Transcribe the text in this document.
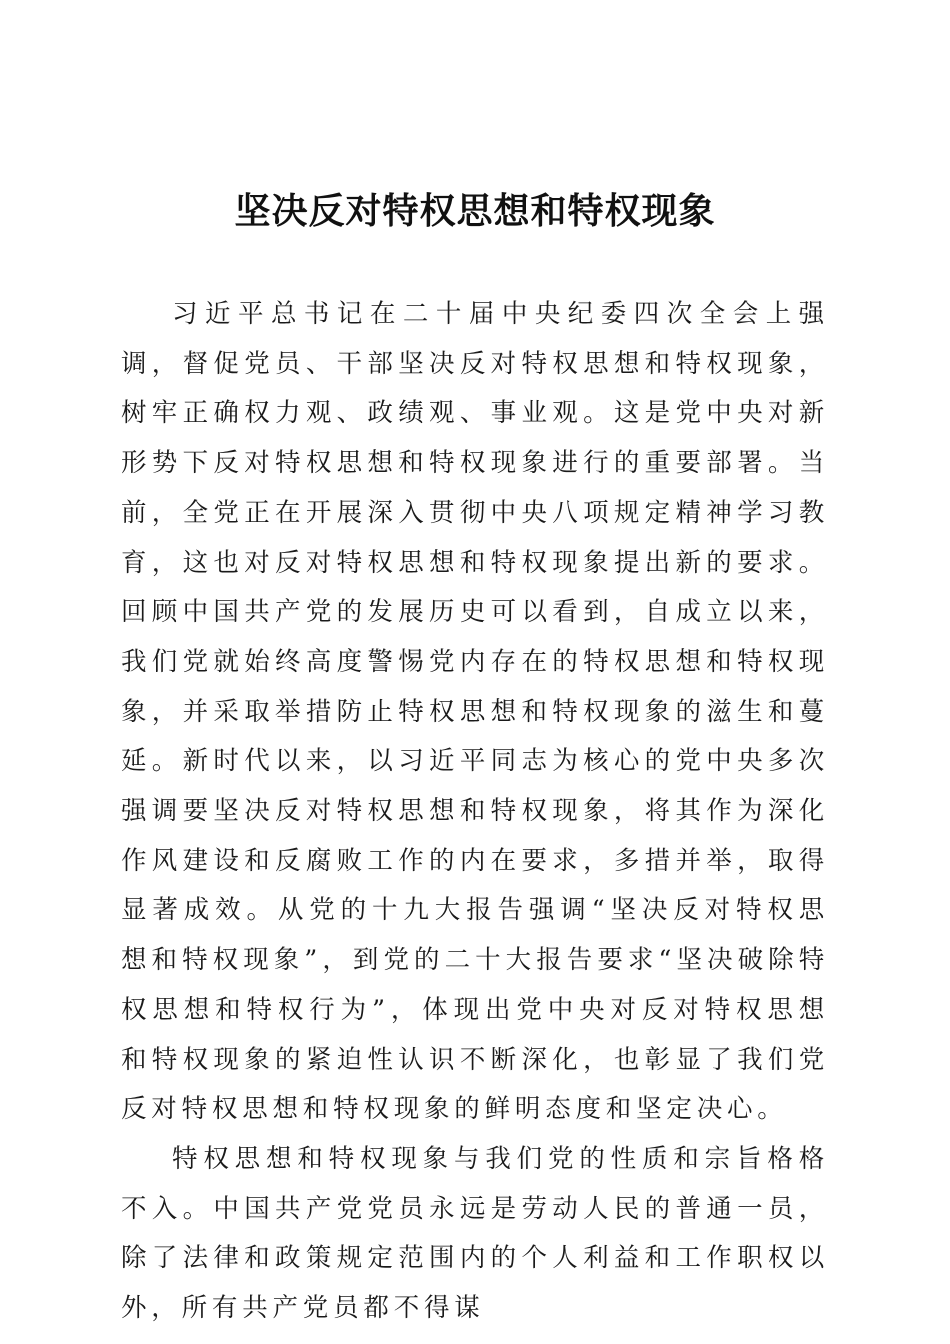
坚决反对特权思想和特权现象

习近平总书记在二十届中央纪委四次全会上强调，督促党员、干部坚决反对特权思想和特权现象，树牢正确权力观、政绩观、事业观。这是党中央对新形势下反对特权思想和特权现象进行的重要部署。当前，全党正在开展深入贯彻中央八项规定精神学习教育，这也对反对特权思想和特权现象提出新的要求。回顾中国共产党的发展历史可以看到，自成立以来，我们党就始终高度警惕党内存在的特权思想和特权现象，并采取举措防止特权思想和特权现象的滋生和蔓延。新时代以来，以习近平同志为核心的党中央多次强调要坚决反对特权思想和特权现象，将其作为深化作风建设和反腐败工作的内在要求，多措并举，取得显著成效。从党的十九大报告强调“坚决反对特权思想和特权现象”，到党的二十大报告要求“坚决破除特权思想和特权行为”，体现出党中央对反对特权思想和特权现象的紧迫性认识不断深化，也彰显了我们党反对特权思想和特权现象的鲜明态度和坚定决心。

特权思想和特权现象与我们党的性质和宗旨格格不入。中国共产党党员永远是劳动人民的普通一员，除了法律和政策规定范围内的个人利益和工作职权以外，所有共产党员都不得谋
